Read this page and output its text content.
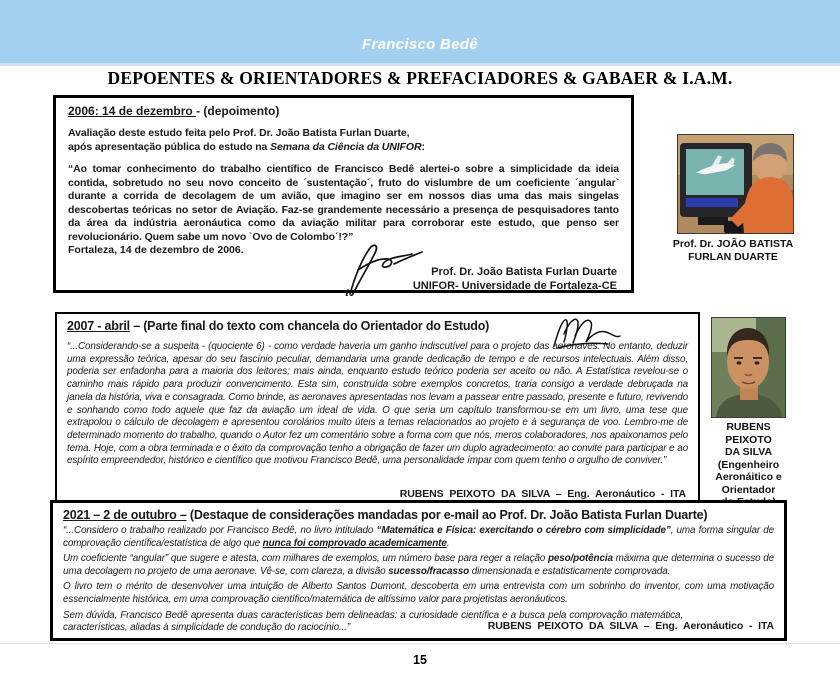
Francisco Bedê
DEPOENTES & ORIENTADORES & PREFACIADORES & GABAER & I.A.M.
2006: 14 de dezembro - (depoimento)
Avaliação deste estudo feita pelo Prof. Dr. João Batista Furlan Duarte,
após apresentação pública do estudo na Semana da Ciência da UNIFOR:
“Ao tomar conhecimento do trabalho científico de Francisco Bedê alertei-o sobre a simplicidade da ideia contida, sobretudo no seu novo conceito de ´sustentação´, fruto do vislumbre de um coeficiente ´angular` durante a corrida de decolagem de um avião, que imagino ser em nossos dias uma das mais singelas descobertas teóricas no setor de Aviação. Faz-se grandemente necessário a presença de pesquisadores tanto da área da indústria aeronáutica como da aviação militar para corroborar este estudo, que penso ser revolucionário. Quem sabe um novo `Ovo de Colombo´!?”
Fortaleza, 14 de dezembro de 2006.
Prof. Dr. João Batista Furlan Duarte
UNIFOR- Universidade de Fortaleza-CE
Prof. Dr. JOÃO BATISTA
FURLAN DUARTE
2007 - abril – (Parte final do texto com chancela do Orientador do Estudo)
“...Considerando-se a suspeita - (quociente 6) - como verdade haveria um ganho indiscutível para o projeto das aeronaves. No entanto, deduzir uma expressão teórica, apesar do seu fascínio peculiar, demandaria uma grande dedicação de tempo e de recursos intelectuais. Além disso, poderia ser enfadonha para a maioria dos leitores; mais ainda, enquanto estudo teórico poderia ser aceito ou não. A Estatística revelou-se o caminho mais rápido para produzir convencimento. Esta sim, construída sobre exemplos concretos, traria consigo a verdade debruçada na janela da história, viva e consagrada. Como brinde, as aeronaves apresentadas nos levam a passear entre passado, presente e futuro, revivendo e sonhando como todo aquele que faz da aviação um ideal de vida. O que seria um capítulo transformou-se em um livro, uma tese que extrapolou o cálculo de decolagem e apresentou corolários muito úteis a temas relacionados ao projeto e à segurança de voo. Lembro-me de determinado momento do trabalho, quando o Autor fez um comentário sobre a forma com que nós, meros colaboradores, nos apaixonamos pelo tema. Hoje, com a obra terminada e o êxito da comprovação tenho a obrigação de fazer um duplo agradecimento: ao convite para participar e ao espírito empreendedor, histórico e científico que motivou Francisco Bedê, uma personalidade ímpar com quem tenho o orgulho de conviver.”
RUBENS PEIXOTO DA SILVA – Eng. Aeronáutico - ITA
RUBENS
PEIXOTO
DA SILVA
(Engenheiro
Aeronáitico e
Orientador

2021 – 2 de outubro – (Destaque de considerações mandadas por e-mail ao Prof. Dr. João Batista Furlan Duarte)
“...Considero o trabalho realizado por Francisco Bedê, no livro intitulado “Matemática e Física: exercitando o cérebro com simplicidade”, uma forma singular de comprovação científica/estatística de algo que nunca foi comprovado academicamente.
Um coeficiente “angular” que sugere e atesta, com milhares de exemplos, um número base para reger a relação peso/potência máxima que determina o sucesso de uma decolagem no projeto de uma aeronave. Vê-se, com clareza, a divisão sucesso/fracasso dimensionada e estatisticamente comprovada.
O livro tem o mérito de desenvolver uma intuição de Alberto Santos Dumont, descoberta em uma entrevista com um sobrinho do inventor, com uma motivação essencialmente histórica, em uma comprovação científico/matemática de altíssimo valor para projetistas aeronáuticos.
Sem dúvida, Francisco Bedê apresenta duas características bem delineadas: a curiosidade científica e a busca pela comprovação matemática, características, aliadas à simplicidade de condução do raciocínio...”	RUBENS PEIXOTO DA SILVA – Eng. Aeronáutico - ITA
15
